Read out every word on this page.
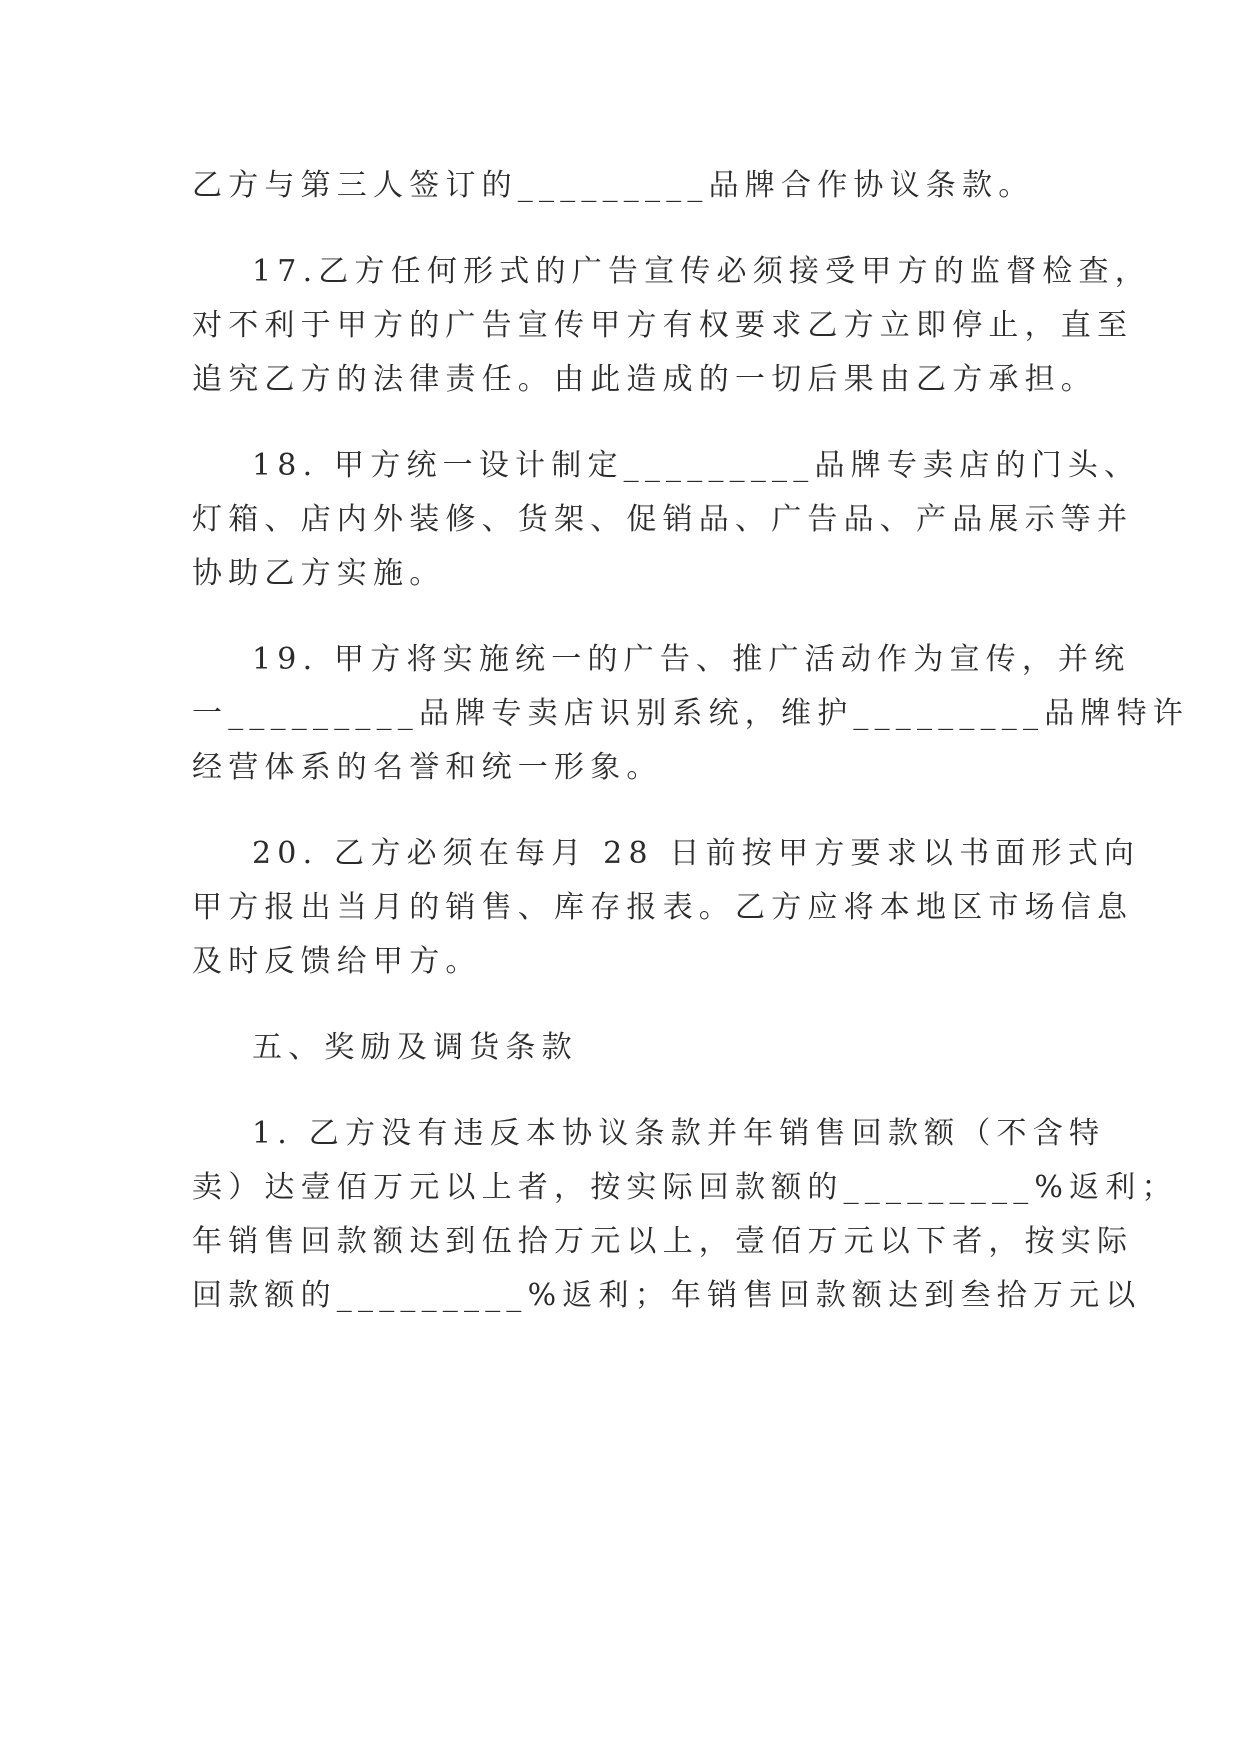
乙方与第三人签订的_________品牌合作协议条款。
17.乙方任何形式的广告宣传必须接受甲方的监督检查，
对不利于甲方的广告宣传甲方有权要求乙方立即停止，直至
追究乙方的法律责任。由此造成的一切后果由乙方承担。
18. 甲方统一设计制定_________品牌专卖店的门头、
灯箱、店内外装修、货架、促销品、广告品、产品展示等并
协助乙方实施。
19. 甲方将实施统一的广告、推广活动作为宣传，并统
一_________品牌专卖店识别系统，维护_________品牌特许
经营体系的名誉和统一形象。
20. 乙方必须在每月 28 日前按甲方要求以书面形式向
甲方报出当月的销售、库存报表。乙方应将本地区市场信息
及时反馈给甲方。
五、奖励及调货条款
1. 乙方没有违反本协议条款并年销售回款额（不含特
卖）达壹佰万元以上者，按实际回款额的_________%返利；
年销售回款额达到伍拾万元以上，壹佰万元以下者，按实际
回款额的_________%返利；年销售回款额达到叁拾万元以
